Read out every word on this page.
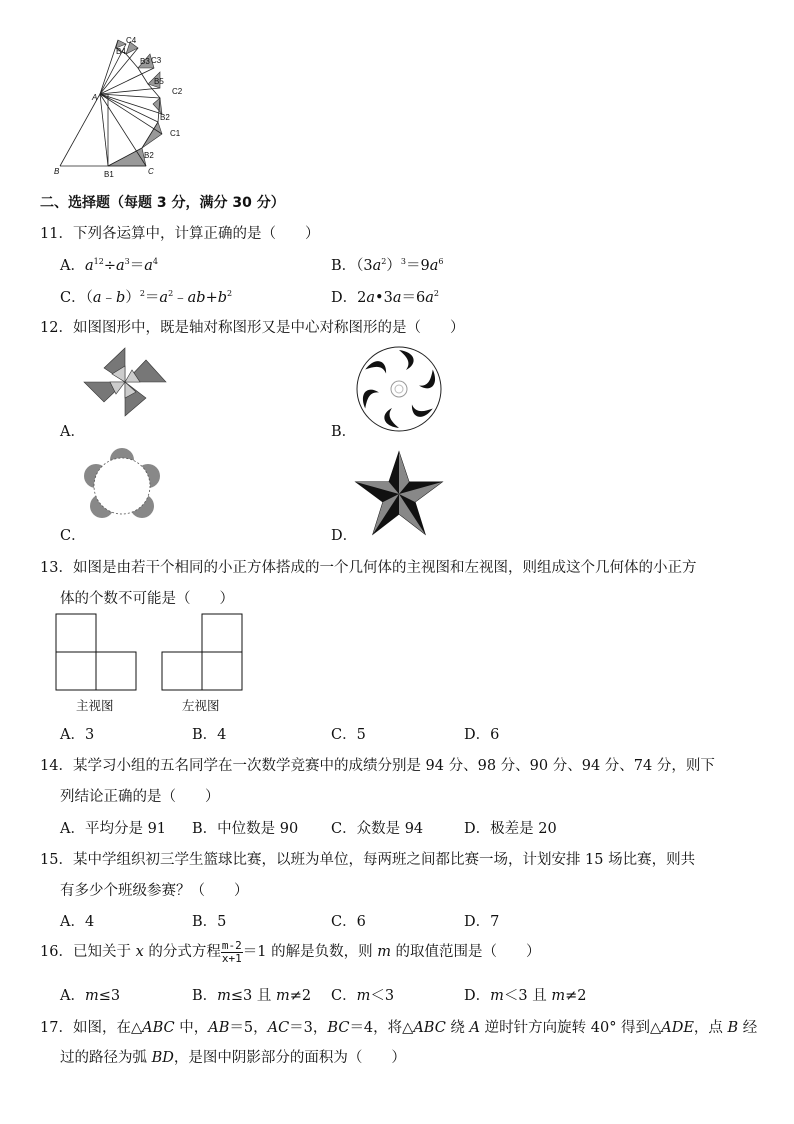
C4
B4
B3 C3
A
B5
C2
B2
C1
B	B1	C
B2
二、选择题（每题 3 分，满分 30 分）
11．下列各运算中，计算正确的是（　　）
A．$a^{12}\div a^3=a^4$	B．$(3a^2)^3=9a^6$
C．$(a﹣b)^2=a^2﹣ab+b^2$	D．$2a•3a=6a^2$
12．如图图形中，既是轴对称图形又是中心对称图形的是（　　）
A．	B．
C．	D．
13．如图是由若干个相同的小正方体搭成的一个几何体的主视图和左视图，则组成这个几何体的小正方
体的个数不可能是（　　）
主视图	左视图
A．3	B．4	C．5	D．6
14．某学习小组的五名同学在一次数学竞赛中的成绩分别是 94 分、98 分、90 分、94 分、74 分，则下
列结论正确的是（　　）
A．平均分是 91 B．中位数是 90 C．众数是 94	D．极差是 20
15．某中学组织初三学生篮球比赛，以班为单位，每两班之间都比赛一场，计划安排 15 场比赛，则共
有多少个班级参赛？（　　）
A．4	B．5	C．6	D．7
16．已知关于 x 的分式方程 $\frac{m-2}{x+1} =1$ 的解是负数，则 m 的取值范围是（　　）
A．m≤3	B．m≤3 且 m≠2 C．m＜3	D．m＜3 且 m≠2
17．如图，在△ABC 中，AB＝5，AC＝3，BC＝4，将△ABC 绕 A 逆时针方向旋转 40° 得到△ADE，点 B 经
过的路径为弧 BD，是图中阴影部分的面积为（　　）
